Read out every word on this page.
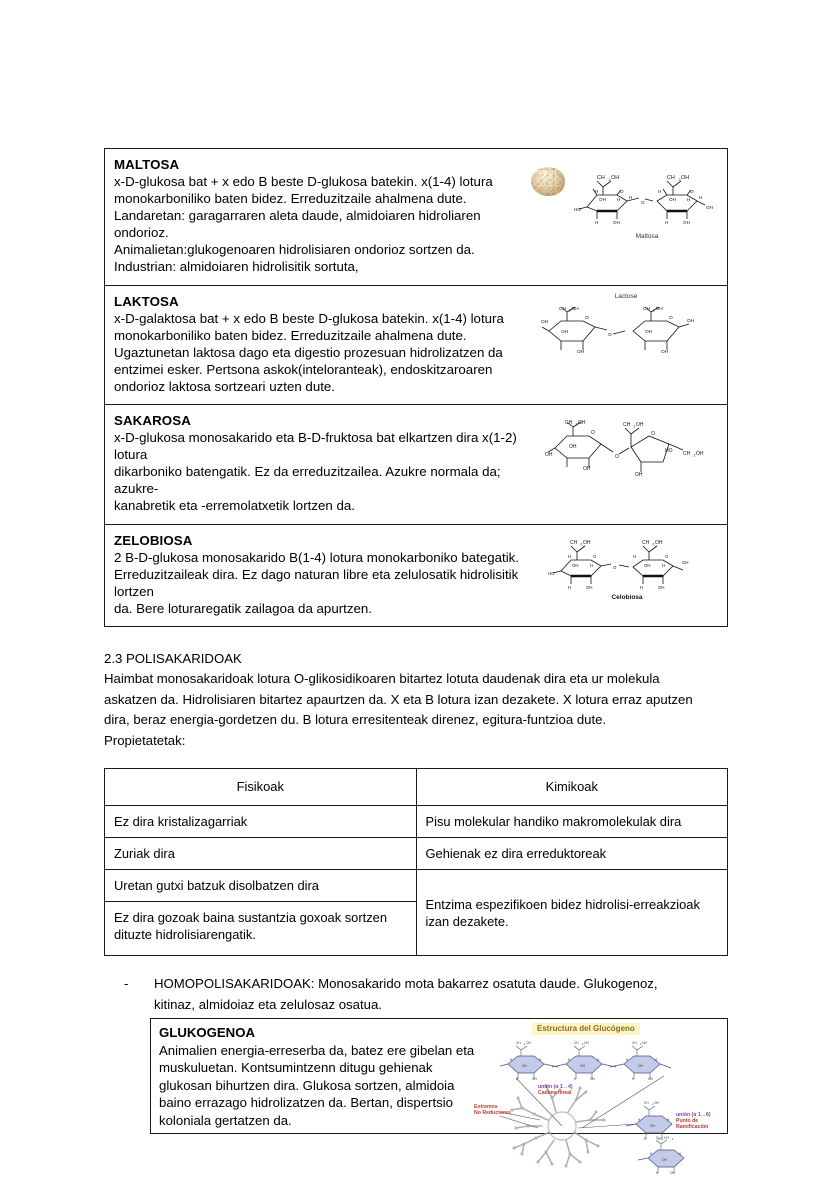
MALTOSA
x-D-glukosa bat + x edo B beste D-glukosa batekin. x(1-4) lotura
monokarboniliko baten bidez. Erreduzitzaile ahalmena dute.
Landaretan: garagarraren aleta daude, almidoiaren hidroliaren ondorioz.
Animalietan:glukogenoaren hidrolisiaren ondorioz sortzen da.
Industrian: almidoiaren hidrolisitik sortuta,
CH 2 OH
H	O
H
HO
OH H
H	OH
O
CH 2 OH
H	O
H
OH H
OH
H	OH
Maltosa
LAKTOSA
x-D-galaktosa bat + x edo B beste D-glukosa batekin. x(1-4) lotura
monokarboniliko baten bidez. Erreduzitzaile ahalmena dute.
Ugaztunetan laktosa dago eta digestio prozesuan hidrolizatzen da
entzimei esker. Pertsona askok(inteloranteak), endoskitzaroaren
ondorioz laktosa sortzeari uzten dute.
Lactose
CH 2 OH
OH
O
OH
OH
O
CH 2 OH
O
OH
OH
OH
SAKAROSA
x-D-glukosa monosakarido eta B-D-fruktosa bat elkartzen dira x(1-2) lotura
dikarboniko batengatik. Ez da erreduzitzailea. Azukre normala da; azukre-
kanabretik eta -erremolatxetik lortzen da.
CH 2 OH
OH
O
OH
OH
O
CH 2 OH
O
HO CH 2 OH
OH
ZELOBIOSA
2 B-D-glukosa monosakarido B(1-4) lotura monokarboniko bategatik.
Erreduzitzaileak dira. Ez dago naturan libre eta zelulosatik hidrolisitik lortzen
da. Bere loturaregatik zailagoa da apurtzen.
CH 2 OH
H	O
HO
OH	H
H	OH
O
CH 2 OH
H	O
OH
OH	H
H	OH
Celobiosa
2.3 POLISAKARIDOAK
Haimbat monosakaridoak lotura O-glikosidikoaren bitartez lotuta daudenak dira eta ur molekula
askatzen da. Hidrolisiaren bitartez apaurtzen da. X eta B lotura izan dezakete. X lotura erraz aputzen
dira, beraz energia-gordetzen du. B lotura erresitenteak direnez, egitura-funtzioa dute.
Propietatetak:
Fisikoak	Kimikoak
Ez dira kristalizagarriak	Pisu molekular handiko makromolekulak dira
Zuriak dira	Gehienak ez dira erreduktoreak
Uretan gutxi batzuk disolbatzen dira	Entzima espezifikoen bidez hidrolisi-erreakzioak izan dezakete.
Ez dira gozoak baina sustantzia goxoak sortzen dituzte hidrolisiarengatik.	
-	HOMOPOLISAKARIDOAK: Monosakarido mota bakarrez osatuta daude. Glukogenoz,
kitinaz, almidoiaz eta zelulosaz osatua.
GLUKOGENOA
Animalien energia-erreserba da, batez ere gibelan eta
muskuluetan. Kontsumintzenn ditugu gehienak
glukosan bihurtzen dira. Glukosa sortzen, almidoia
baino errazago hidrolizatzen da. Bertan, dispertsio
koloniala gertatzen da.
Estructura del Glucógeno
CH	2 OH	CH	2 OH	CH	2 OH
OH	OH	OH
H	H	H	H	H	H
H	OH	H	OH	H	OH
CH	2 OH
OH
H	H
H	HO
O CH	2
OH
H	H
H	OH
unión (α 1→4)
Cadena lineal
Extremos
No Reductores	unión (α 1→6)
Punto de
Ramificación
